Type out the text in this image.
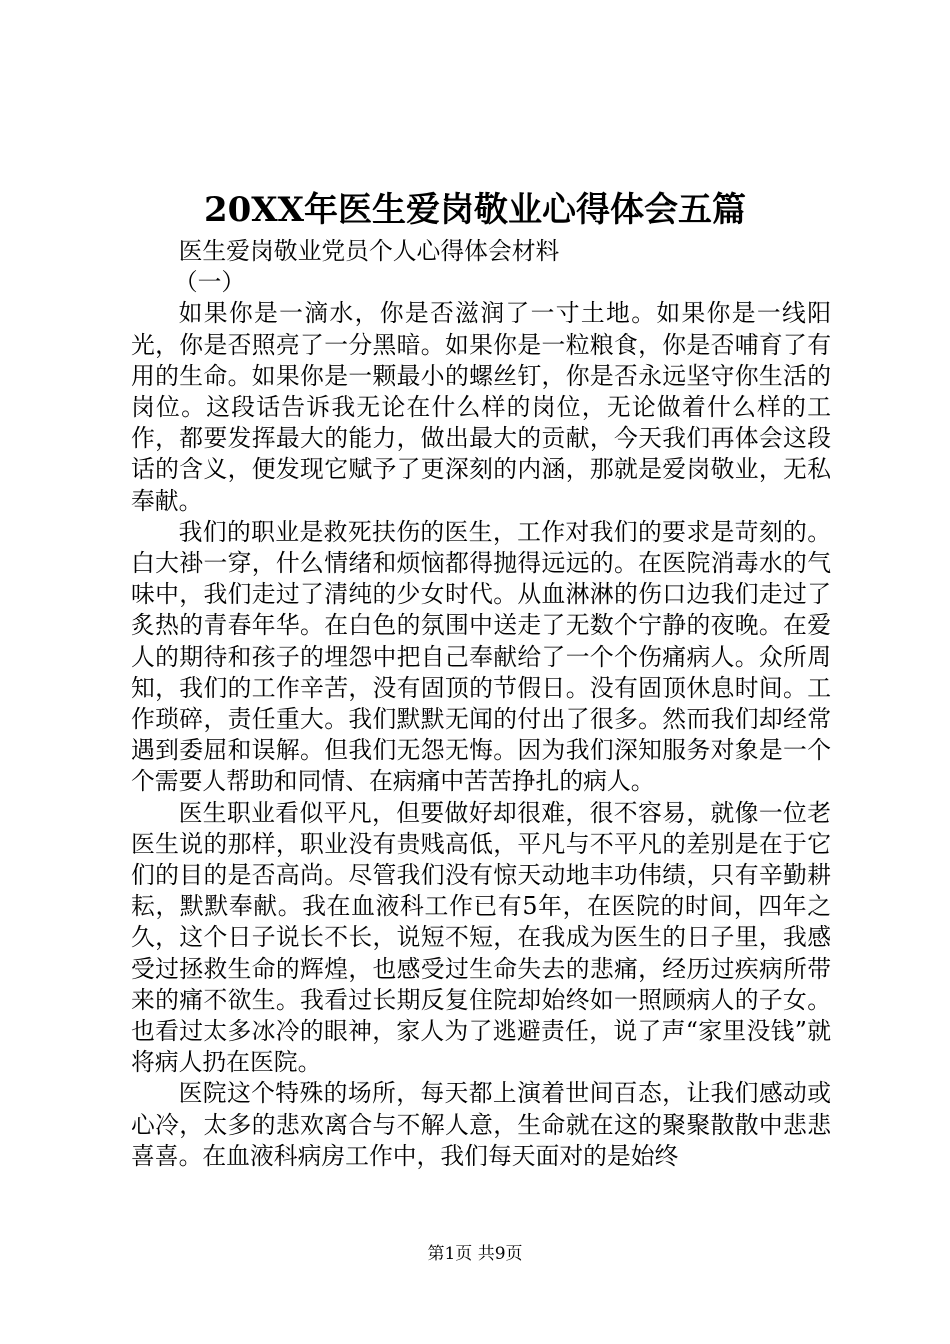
20XX年医生爱岗敬业心得体会五篇

医生爱岗敬业党员个人心得体会材料

（一）

如果你是一滴水，你是否滋润了一寸土地。如果你是一线阳光，你是否照亮了一分黑暗。如果你是一粒粮食，你是否哺育了有用的生命。如果你是一颗最小的螺丝钉，你是否永远坚守你生活的岗位。这段话告诉我无论在什么样的岗位，无论做着什么样的工作，都要发挥最大的能力，做出最大的贡献，今天我们再体会这段话的含义，便发现它赋予了更深刻的内涵，那就是爱岗敬业，无私奉献。

我们的职业是救死扶伤的医生，工作对我们的要求是苛刻的。白大褂一穿，什么情绪和烦恼都得抛得远远的。在医院消毒水的气味中，我们走过了清纯的少女时代。从血淋淋的伤口边我们走过了炙热的青春年华。在白色的氛围中送走了无数个宁静的夜晚。在爱人的期待和孩子的埋怨中把自己奉献给了一个个伤痛病人。众所周知，我们的工作辛苦，没有固顶的节假日。没有固顶休息时间。工作琐碎，责任重大。我们默默无闻的付出了很多。然而我们却经常遇到委屈和误解。但我们无怨无悔。因为我们深知服务对象是一个个需要人帮助和同情、在病痛中苦苦挣扎的病人。

医生职业看似平凡，但要做好却很难，很不容易，就像一位老医生说的那样，职业没有贵贱高低，平凡与不平凡的差别是在于它们的目的是否高尚。尽管我们没有惊天动地丰功伟绩，只有辛勤耕耘，默默奉献。我在血液科工作已有5年，在医院的时间，四年之久，这个日子说长不长，说短不短，在我成为医生的日子里，我感受过拯救生命的辉煌，也感受过生命失去的悲痛，经历过疾病所带来的痛不欲生。我看过长期反复住院却始终如一照顾病人的子女。也看过太多冰冷的眼神，家人为了逃避责任，说了声“家里没钱”就将病人扔在医院。

医院这个特殊的场所，每天都上演着世间百态，让我们感动或心冷，太多的悲欢离合与不解人意，生命就在这的聚聚散散中悲悲喜喜。在血液科病房工作中，我们每天面对的是始终

第1页 共9页
